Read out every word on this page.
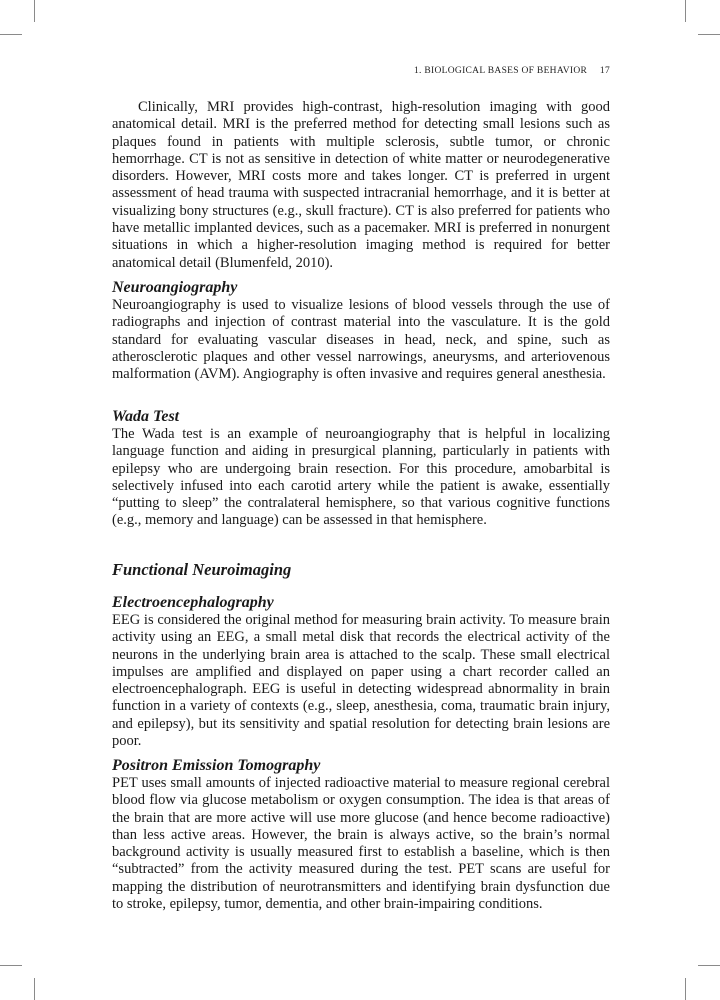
1. BIOLOGICAL BASES OF BEHAVIOR 17

Clinically, MRI provides high-contrast, high-resolution imaging with good anatomical detail. MRI is the preferred method for detecting small lesions such as plaques found in patients with multiple sclerosis, subtle tumor, or chronic hemorrhage. CT is not as sensitive in detection of white matter or neurodegenerative disorders. However, MRI costs more and takes longer. CT is preferred in urgent assessment of head trauma with suspected intracranial hemorrhage, and it is better at visualizing bony structures (e.g., skull fracture). CT is also preferred for patients who have metallic implanted devices, such as a pacemaker. MRI is preferred in nonurgent situations in which a higher-resolution imaging method is required for better anatomical detail (Blumenfeld, 2010).

Neuroangiography

Neuroangiography is used to visualize lesions of blood vessels through the use of radiographs and injection of contrast material into the vasculature. It is the gold standard for evaluating vascular diseases in head, neck, and spine, such as atherosclerotic plaques and other vessel narrowings, aneurysms, and arteriovenous malformation (AVM). Angiography is often invasive and requires general anesthesia.

Wada Test

The Wada test is an example of neuroangiography that is helpful in localizing language function and aiding in presurgical planning, particularly in patients with epilepsy who are undergoing brain resection. For this procedure, amobarbital is selectively infused into each carotid artery while the patient is awake, essentially “putting to sleep” the contralateral hemisphere, so that various cognitive functions (e.g., memory and language) can be assessed in that hemisphere.

Functional Neuroimaging
Electroencephalography

EEG is considered the original method for measuring brain activity. To measure brain activity using an EEG, a small metal disk that records the electrical activity of the neurons in the underlying brain area is attached to the scalp. These small electrical impulses are amplified and displayed on paper using a chart recorder called an electroencephalograph. EEG is useful in detecting widespread abnormality in brain function in a variety of contexts (e.g., sleep, anesthesia, coma, traumatic brain injury, and epilepsy), but its sensitivity and spatial resolution for detecting brain lesions are poor.

Positron Emission Tomography

PET uses small amounts of injected radioactive material to measure regional cerebral blood flow via glucose metabolism or oxygen consumption. The idea is that areas of the brain that are more active will use more glucose (and hence become radioactive) than less active areas. However, the brain is always active, so the brain’s normal background activity is usually measured first to establish a baseline, which is then “subtracted” from the activity measured during the test. PET scans are useful for mapping the distribution of neurotransmitters and identifying brain dysfunction due to stroke, epilepsy, tumor, dementia, and other brain-impairing conditions.
